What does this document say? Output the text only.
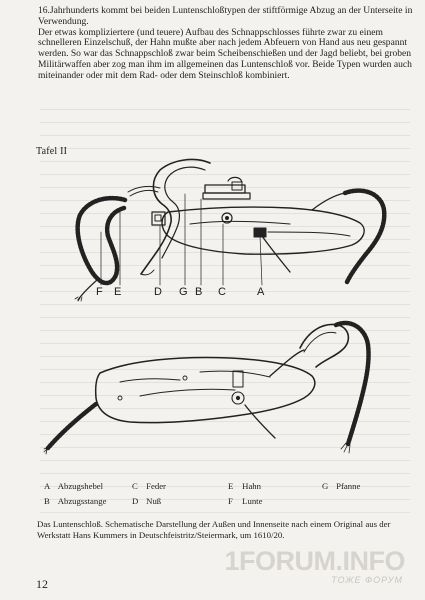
16.Jahrhunderts kommt bei beiden Luntenschloßtypen der stiftförmige Abzug an der Unterseite in Verwendung.

Der etwas kompliziertere (und teuere) Aufbau des Schnappschlosses führte zwar zu einem schnelleren Einzelschuß, der Hahn mußte aber nach jedem Abfeuern von Hand aus neu gespannt werden. So war das Schnappschloß zwar beim Scheibenschießen und der Jagd beliebt, bei groben Militärwaffen aber zog man ihm im allgemeinen das Luntenschloß vor. Beide Typen wurden auch miteinander oder mit dem Rad- oder dem Steinschloß kombiniert.

Tafel II
F E	D G B C	A
A Abzugshebel	C Feder	E Hahn	G Pfanne
B Abzugsstange	D Nuß	F Lunte
Das Luntenschloß. Schematische Darstellung der Außen und Innenseite nach einem Original aus der Werkstatt Hans Kummers in Deutschfeistritz/Steiermark, um 1610/20.
1FORUM.INFO
ТОЖЕ ФОРУМ
12
